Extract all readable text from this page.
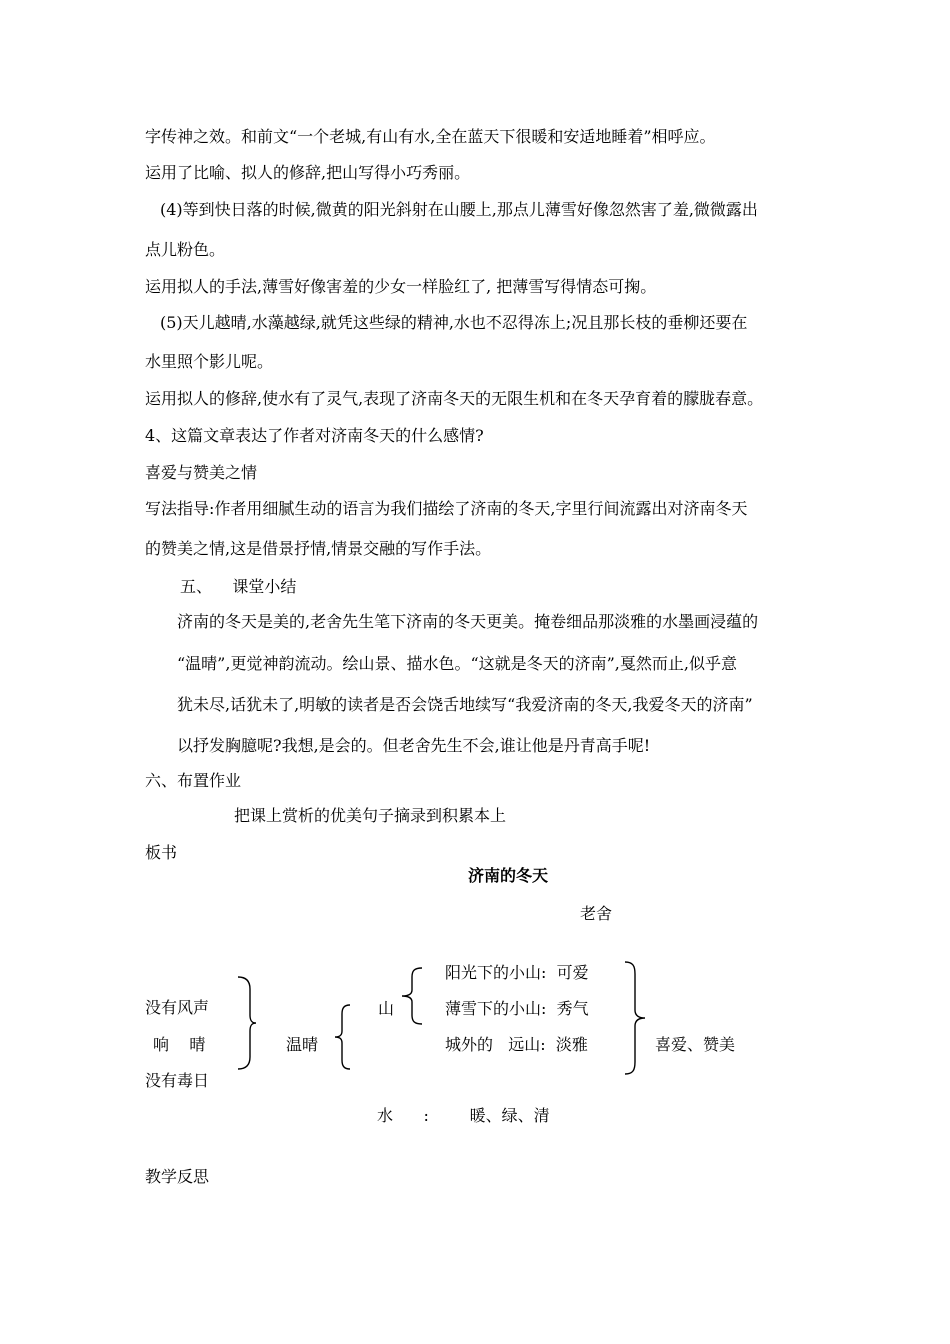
字传神之效。和前文“一个老城,有山有水,全在蓝天下很暖和安适地睡着”相呼应。
运用了比喻、拟人的修辞,把山写得小巧秀丽。
(4)等到快日落的时候,微黄的阳光斜射在山腰上,那点儿薄雪好像忽然害了羞,微微露出
点儿粉色。
运用拟人的手法,薄雪好像害羞的少女一样脸红了, 把薄雪写得情态可掬。
(5)天儿越晴,水藻越绿,就凭这些绿的精神,水也不忍得冻上;况且那长枝的垂柳还要在
水里照个影儿呢。
运用拟人的修辞,使水有了灵气,表现了济南冬天的无限生机和在冬天孕育着的朦胧春意。
4、这篇文章表达了作者对济南冬天的什么感情?
喜爱与赞美之情
写法指导:作者用细腻生动的语言为我们描绘了济南的冬天,字里行间流露出对济南冬天
的赞美之情,这是借景抒情,情景交融的写作手法。
五、    课堂小结
济南的冬天是美的,老舍先生笔下济南的冬天更美。掩卷细品那淡雅的水墨画浸蕴的
“温晴”,更觉神韵流动。绘山景、描水色。“这就是冬天的济南”,戛然而止,似乎意
犹未尽,话犹未了,明敏的读者是否会饶舌地续写“我爱济南的冬天,我爱冬天的济南”
以抒发胸臆呢?我想,是会的。但老舍先生不会,谁让他是丹青高手呢!
六、布置作业
把课上赏析的优美句子摘录到积累本上
板书
济南的冬天
老舍
没有风声
响    晴
没有毒日
温晴
山
阳光下的小山:  可爱
薄雪下的小山:  秀气
城外的   远山:  淡雅	喜爱、赞美
水      :        暖、绿、清
教学反思
